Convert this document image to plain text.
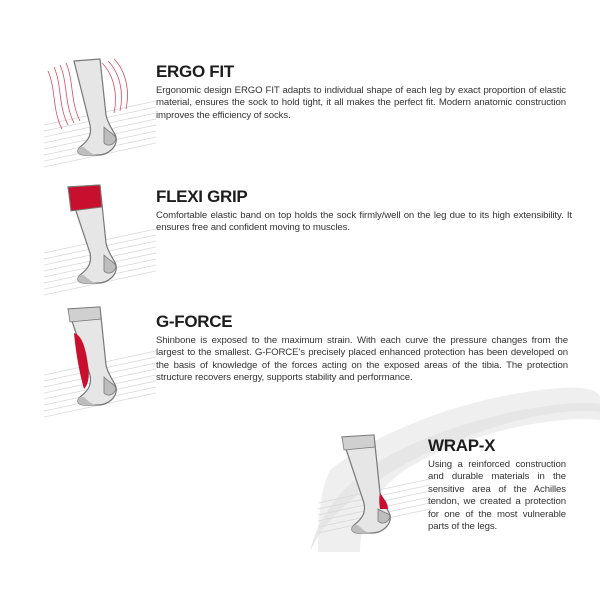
ERGO FIT

Ergonomic design ERGO FIT adapts to individual shape of each leg by exact proportion of elastic material, ensures the sock to hold tight, it all makes the perfect fit. Modern anatomic construction improves the efficiency of socks.

FLEXI GRIP

Comfortable elastic band on top holds the sock firmly/well on the leg due to its high extensibility. It ensures free and confident moving to muscles.

G-FORCE

Shinbone is exposed to the maximum strain. With each curve the pressure changes from the largest to the smallest. G-FORCE’s precisely placed enhanced protection has been developed on the basis of knowledge of the forces acting on the exposed areas of the tibia. The protection structure recovers energy, supports stability and performance.

WRAP-X

Using a reinforced construction and durable materials in the sensitive area of the Achilles tendon, we created a protection for one of the most vulnerable parts of the legs.
